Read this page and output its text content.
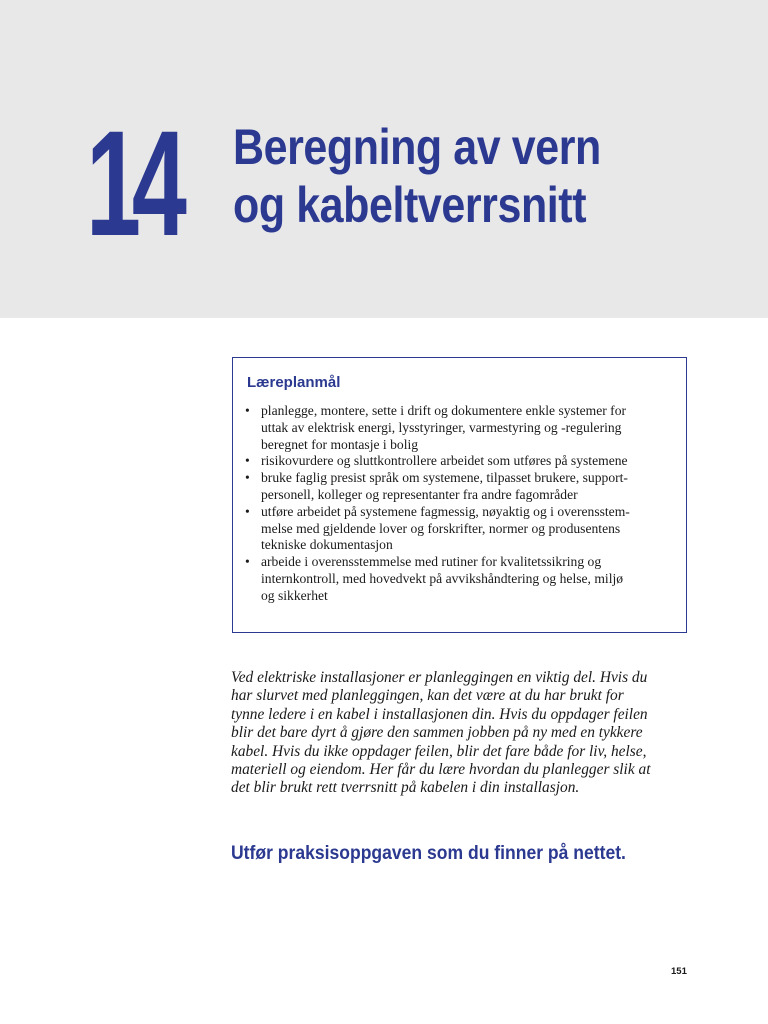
14 Beregning av vern
og kabeltverrsnitt
Læreplanmål
• planlegge, montere, sette i drift og dokumentere enkle systemer for
uttak av elektrisk energi, lysstyringer, varmestyring og -regulering
beregnet for montasje i bolig
• risikovurdere og sluttkontrollere arbeidet som utføres på systemene
• bruke faglig presist språk om systemene, tilpasset brukere, support-
personell, kolleger og representanter fra andre fagområder
• utføre arbeidet på systemene fagmessig, nøyaktig og i overensstem-
melse med gjeldende lover og forskrifter, normer og produsentens
tekniske dokumentasjon
• arbeide i overensstemmelse med rutiner for kvalitetssikring og
internkontroll, med hovedvekt på avvikshåndtering og helse, miljø
og sikkerhet
Ved elektriske installasjoner er planleggingen en viktig del. Hvis du
har slurvet med planleggingen, kan det være at du har brukt for
tynne ledere i en kabel i installasjonen din. Hvis du oppdager feilen
blir det bare dyrt å gjøre den sammen jobben på ny med en tykkere
kabel. Hvis du ikke oppdager feilen, blir det fare både for liv, helse,
materiell og eiendom. Her får du lære hvordan du planlegger slik at
det blir brukt rett tverrsnitt på kabelen i din installasjon.
Utfør praksisoppgaven som du finner på nettet.
151
